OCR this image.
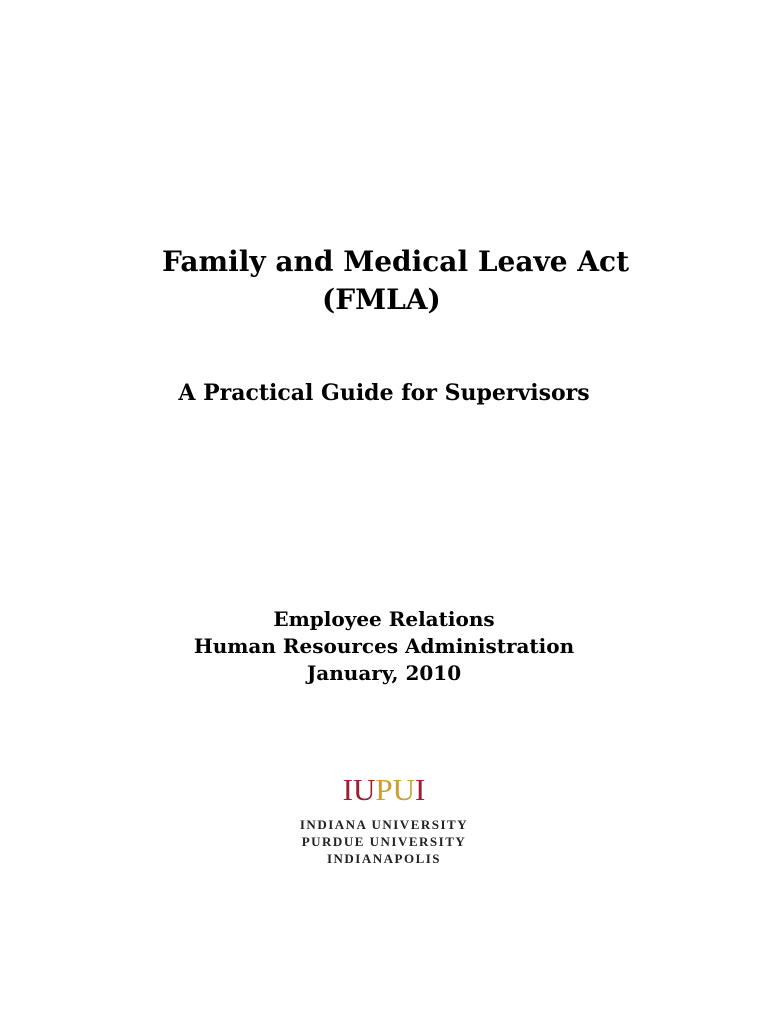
Family and Medical Leave Act
(FMLA)
A Practical Guide for Supervisors
Employee Relations
Human Resources Administration
January, 2010
IUPUI
INDIANA UNIVERSITY
PURDUE UNIVERSITY
INDIANAPOLIS
